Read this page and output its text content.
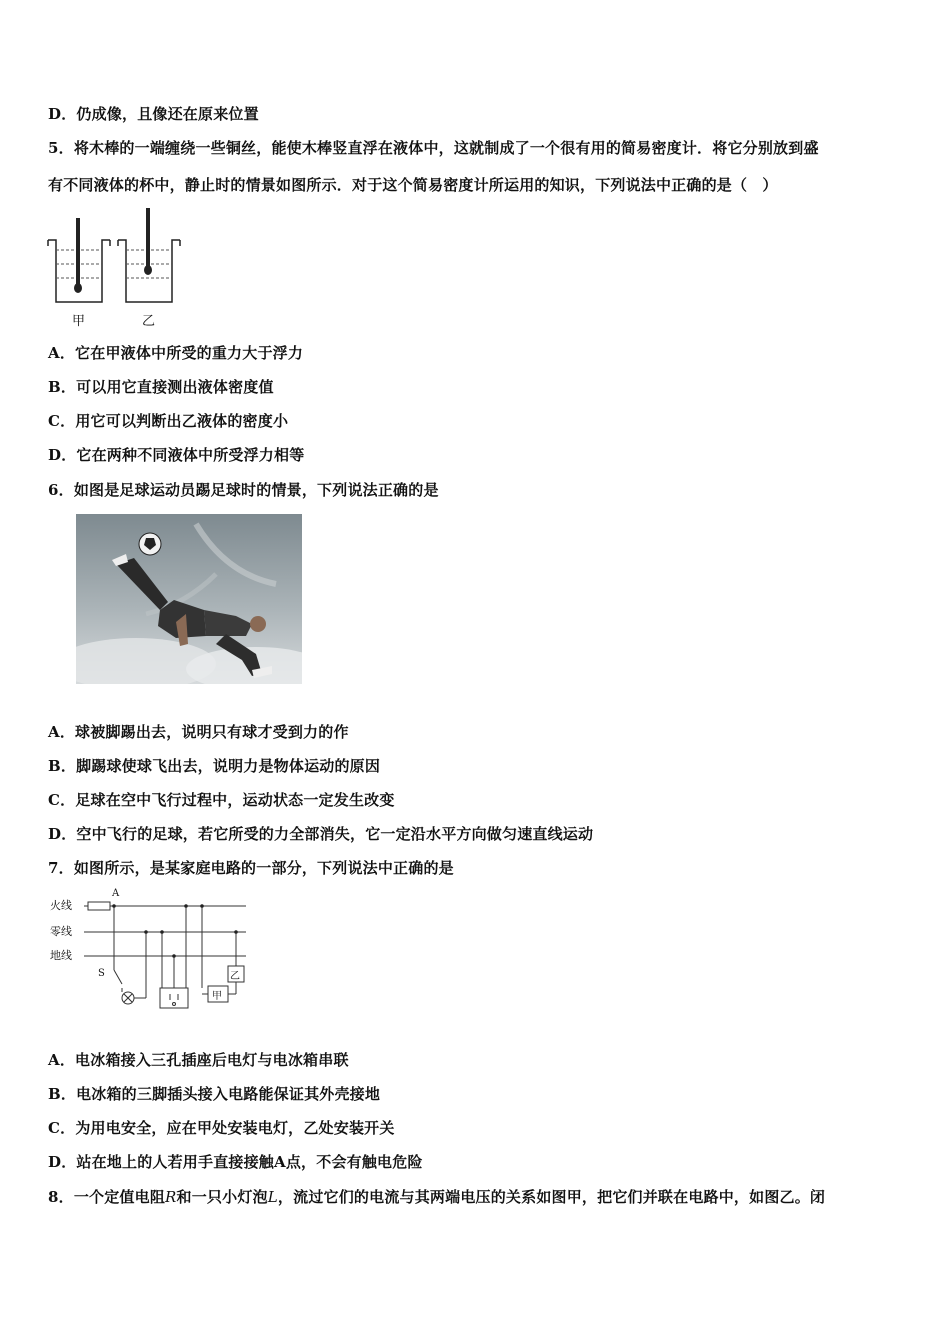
D．仍成像，且像还在原来位置
5．将木棒的一端缠绕一些铜丝，能使木棒竖直浮在液体中，这就制成了一个很有用的简易密度计．将它分别放到盛
有不同液体的杯中，静止时的情景如图所示．对于这个简易密度计所运用的知识，下列说法中正确的是（　）
甲	乙
A．它在甲液体中所受的重力大于浮力
B．可以用它直接测出液体密度值
C．用它可以判断出乙液体的密度小
D．它在两种不同液体中所受浮力相等
6．如图是足球运动员踢足球时的情景，下列说法正确的是
A．球被脚踢出去，说明只有球才受到力的作
B．脚踢球使球飞出去，说明力是物体运动的原因
C．足球在空中飞行过程中，运动状态一定发生改变
D．空中飞行的足球，若它所受的力全部消失，它一定沿水平方向做匀速直线运动
7．如图所示，是某家庭电路的一部分，下列说法中正确的是
火线
零线
地线
A
S
甲
乙
A．电冰箱接入三孔插座后电灯与电冰箱串联
B．电冰箱的三脚插头接入电路能保证其外壳接地
C．为用电安全，应在甲处安装电灯，乙处安装开关
D．站在地上的人若用手直接接触A点，不会有触电危险
8．一个定值电阻R和一只小灯泡L，流过它们的电流与其两端电压的关系如图甲，把它们并联在电路中，如图乙。闭
